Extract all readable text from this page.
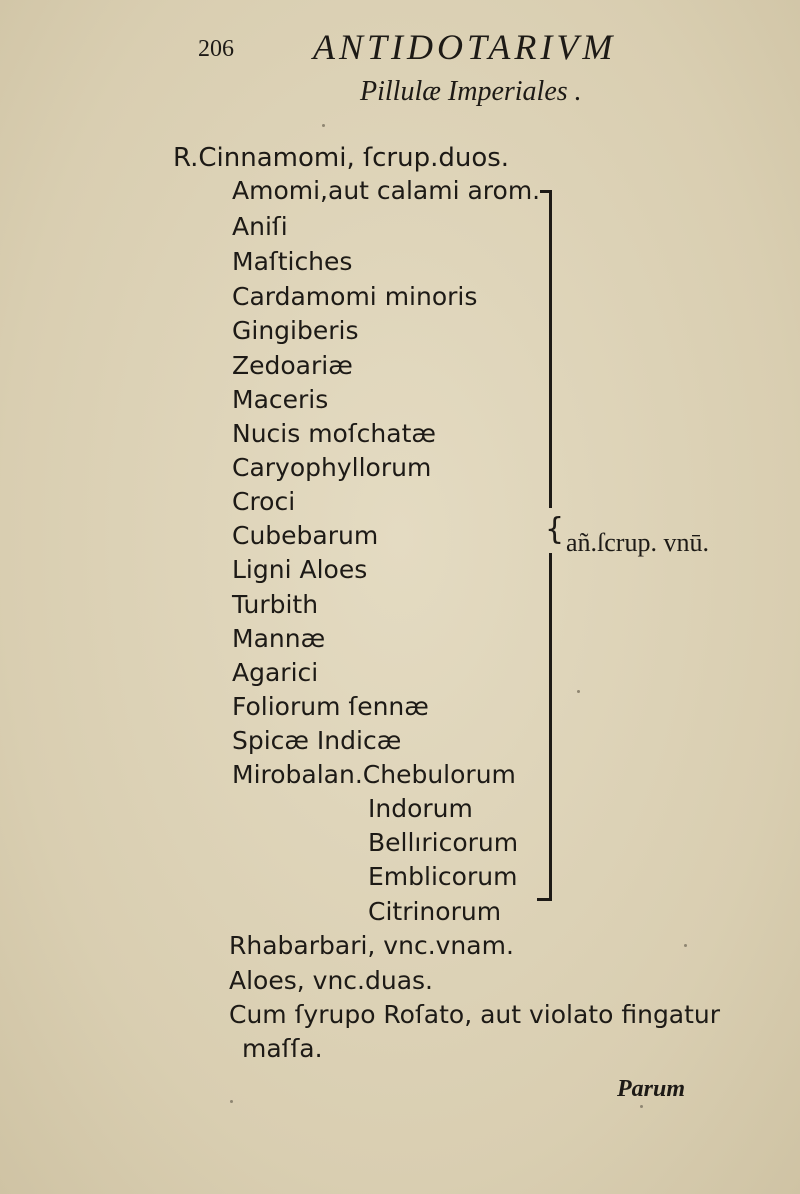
206 ANTIDOTARIVM
Pillulæ Imperiales .
R.Cinnamomi, ſcrup.duos.
Amomi,aut calami arom.
Aniſi
Maſtiches
Cardamomi minoris
Gingiberis
Zedoariæ
Maceris
Nucis moſchatæ
Caryophyllorum
Croci
Cubebarum
Ligni Aloes
Turbith
Mannæ
Agarici
Foliorum ſennæ
Spicæ Indicæ
Mirobalan.Chebulorum
Indorum
Bellıricorum
Emblicorum
Citrinorum
Rhabarbari, vnc.vnam.
Aloes, vnc.duas.
Cum ſyrupo Roſato, aut violato fingatur
maſſa.
{ añ.ſcrup. vnū.
Parum
